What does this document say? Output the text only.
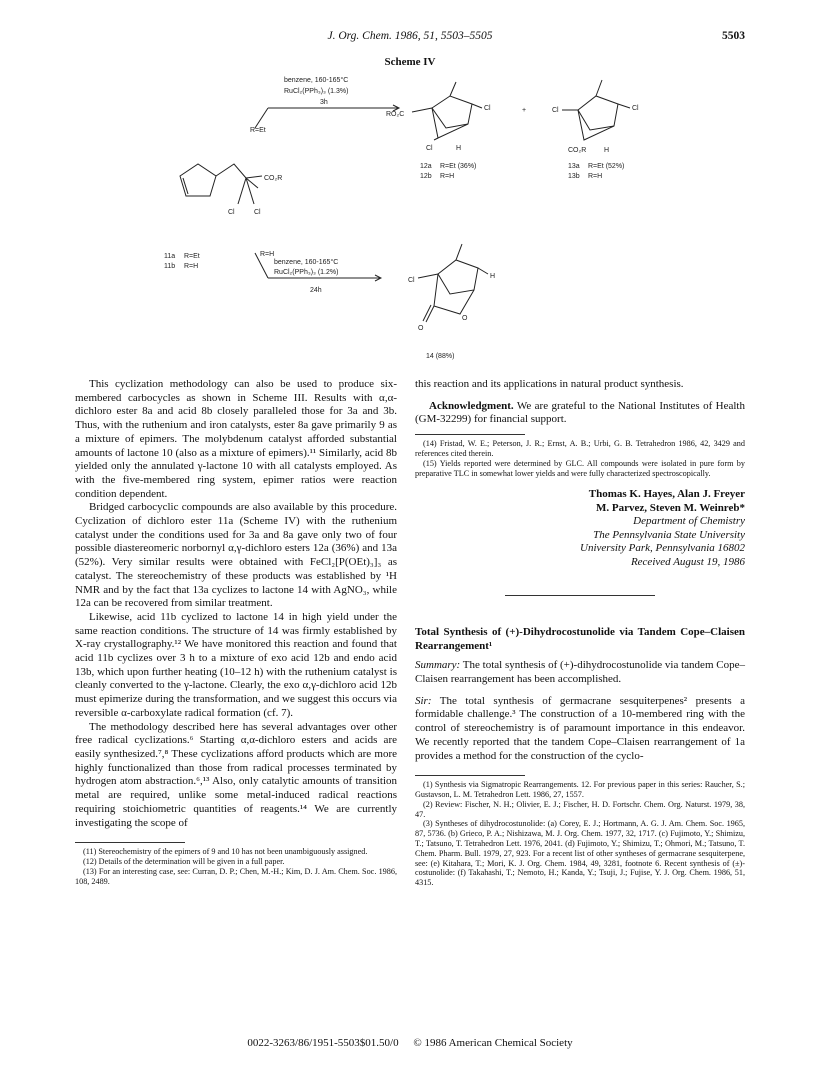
J. Org. Chem. 1986, 51, 5503–5505	5503
Scheme IV
benzene, 160-165°C
RuCl₂(PPh₃)₃ (1.3%)
3h
R=Et
CO₂R
Cl	Cl
11a R=Et
11b R=H
R=H
benzene, 160-165°C
RuCl₂(PPh₃)₃ (1.2%)
24h
RO₂C
Cl
Cl	H
12a R=Et (36%)
12b R=H
+	Cl	Cl
CO₂R	H
13a R=Et (52%)
13b R=H
Cl
H
O
O
14 (88%)

This cyclization methodology can also be used to produce six-membered carbocycles as shown in Scheme III. Results with α,α-dichloro ester 8a and acid 8b closely paralleled those for 3a and 3b. Thus, with the ruthenium and iron catalysts, ester 8a gave primarily 9 as a mixture of epimers. The molybdenum catalyst afforded substantial amounts of lactone 10 (also as a mixture of epimers).¹¹ Similarly, acid 8b yielded only the annulated γ-lactone 10 with all catalysts employed. As with the five-membered ring system, epimer ratios were reaction condition dependent.

Bridged carbocyclic compounds are also available by this procedure. Cyclization of dichloro ester 11a (Scheme IV) with the ruthenium catalyst under the conditions used for 3a and 8a gave only two of four possible diastereomeric norbornyl α,γ-dichloro esters 12a (36%) and 13a (52%). Very similar results were obtained with FeCl₂[P(OEt)₃]₃ as catalyst. The stereochemistry of these products was established by ¹H NMR and by the fact that 13a cyclizes to lactone 14 with AgNO₃, while 12a can be recovered from similar treatment.

Likewise, acid 11b cyclized to lactone 14 in high yield under the same reaction conditions. The structure of 14 was firmly established by X-ray crystallography.¹² We have monitored this reaction and found that acid 11b cyclizes over 3 h to a mixture of exo acid 12b and endo acid 13b, which upon further heating (10–12 h) with the ruthenium catalyst is cleanly converted to the γ-lactone. Clearly, the exo α,γ-dichloro acid 12b must epimerize during the transformation, and we suggest this occurs via reversible α-carboxylate radical formation (cf. 7).

The methodology described here has several advantages over other free radical cyclizations.⁶ Starting α,α-dichloro esters and acids are easily synthesized.⁷,⁸ These cyclizations afford products which are more highly functionalized than those from radical processes terminated by hydrogen atom abstraction.⁶,¹³ Also, only catalytic amounts of transition metal are required, unlike some metal-induced radical reactions requiring stoichiometric quantities of reagents.¹⁴ We are currently investigating the scope of

(11) Stereochemistry of the epimers of 9 and 10 has not been unambiguously assigned.

(12) Details of the determination will be given in a full paper.

(13) For an interesting case, see: Curran, D. P.; Chen, M.-H.; Kim, D. J. Am. Chem. Soc. 1986, 108, 2489.

this reaction and its applications in natural product synthesis.

Acknowledgment. We are grateful to the National Institutes of Health (GM-32299) for financial support.

(14) Fristad, W. E.; Peterson, J. R.; Ernst, A. B.; Urbi, G. B. Tetrahedron 1986, 42, 3429 and references cited therein.

(15) Yields reported were determined by GLC. All compounds were isolated in pure form by preparative TLC in somewhat lower yields and were fully characterized spectroscopically.

Thomas K. Hayes, Alan J. Freyer
M. Parvez, Steven M. Weinreb*
Department of Chemistry
The Pennsylvania State University
University Park, Pennsylvania 16802
Received August 19, 1986
Total Synthesis of (+)-Dihydrocostunolide via Tandem Cope–Claisen Rearrangement¹

Summary: The total synthesis of (+)-dihydrocostunolide via tandem Cope–Claisen rearrangement has been accomplished.

Sir: The total synthesis of germacrane sesquiterpenes² presents a formidable challenge.³ The construction of a 10-membered ring with the control of stereochemistry is of paramount importance in this endeavor. We recently reported that the tandem Cope–Claisen rearrangement of 1a provides a method for the construction of the cyclo-

(1) Synthesis via Sigmatropic Rearrangements. 12. For previous paper in this series: Raucher, S.; Gustavson, L. M. Tetrahedron Lett. 1986, 27, 1557.

(2) Review: Fischer, N. H.; Olivier, E. J.; Fischer, H. D. Fortschr. Chem. Org. Naturst. 1979, 38, 47.

(3) Syntheses of dihydrocostunolide: (a) Corey, E. J.; Hortmann, A. G. J. Am. Chem. Soc. 1965, 87, 5736. (b) Grieco, P. A.; Nishizawa, M. J. Org. Chem. 1977, 32, 1717. (c) Fujimoto, Y.; Shimizu, T.; Tatsuno, T. Tetrahedron Lett. 1976, 2041. (d) Fujimoto, Y.; Shimizu, T.; Ohmori, M.; Tatsuno, T. Chem. Pharm. Bull. 1979, 27, 923. For a recent list of other syntheses of germacrane sesquiterpene, see: (e) Kitahara, T.; Mori, K. J. Org. Chem. 1984, 49, 3281, footnote 6. Recent synthesis of (±)-costunolide: (f) Takahashi, T.; Nemoto, H.; Kanda, Y.; Tsuji, J.; Fujise, Y. J. Org. Chem. 1986, 51, 4315.

0022-3263/86/1951-5503$01.50/0 © 1986 American Chemical Society
